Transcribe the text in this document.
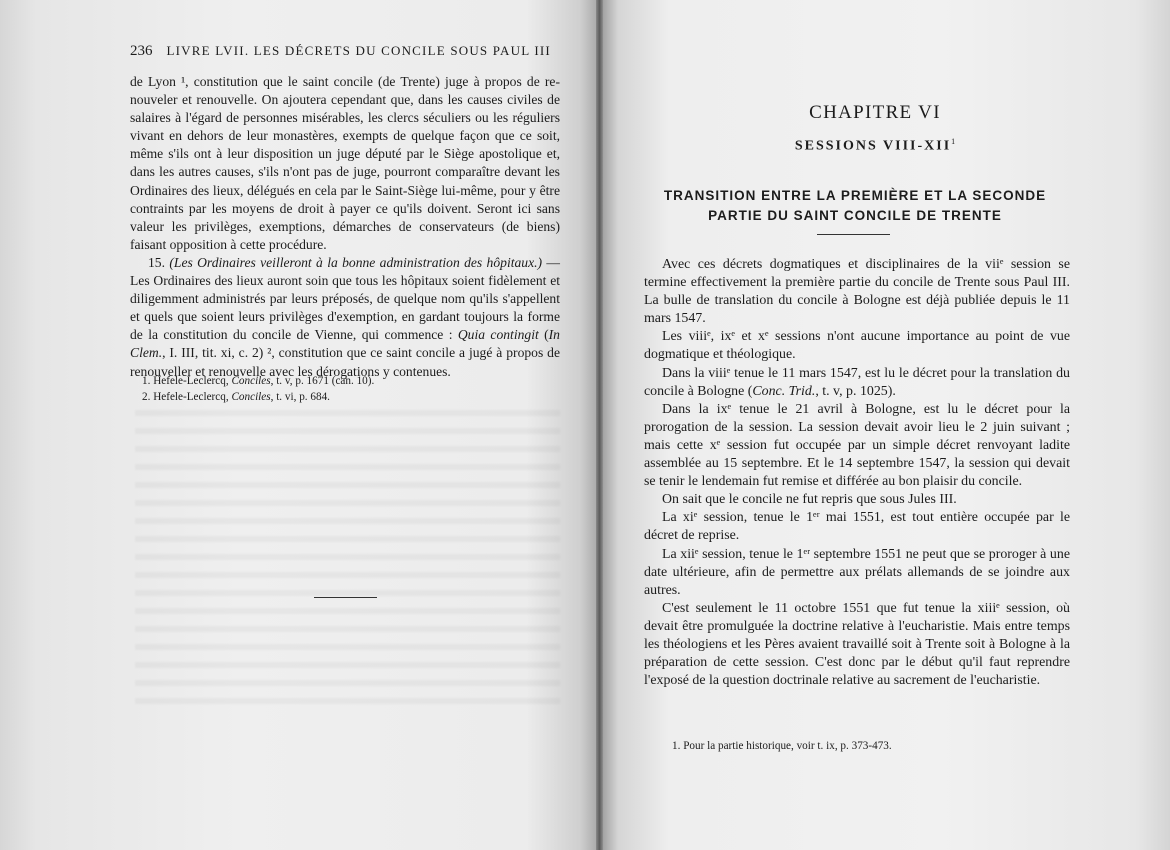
236 LIVRE LVII. LES DÉCRETS DU CONCILE SOUS PAUL III

de Lyon ¹, constitution que le saint concile (de Trente) juge à propos de re- nouveler et renouvelle. On ajoutera cependant que, dans les causes civiles de salaires à l'égard de personnes misérables, les clercs séculiers ou les réguliers vivant en dehors de leur monastères, exempts de quelque façon que ce soit, même s'ils ont à leur disposition un juge député par le Siège apostolique et, dans les autres causes, s'ils n'ont pas de juge, pourront comparaître devant les Ordinaires des lieux, délégués en cela par le Saint-Siège lui-même, pour y être contraints par les moyens de droit à payer ce qu'ils doivent. Seront ici sans valeur les privilèges, exemptions, démarches de conservateurs (de biens) faisant opposition à cette procédure.

15. (Les Ordinaires veilleront à la bonne administration des hôpitaux.) — Les Ordinaires des lieux auront soin que tous les hôpitaux soient fidèlement et diligemment administrés par leurs préposés, de quelque nom qu'ils s'appellent et quels que soient leurs privilèges d'exemption, en gardant toujours la forme de la constitution du concile de Vienne, qui commence : Quia contingit (In Clem., I. III, tit. xi, c. 2) ², constitution que ce saint concile a jugé à propos de renouveller et renouvelle avec les dérogations y contenues.

1. Hefele-Leclercq, Conciles, t. v, p. 1671 (can. 10).
2. Hefele-Leclercq, Conciles, t. vi, p. 684.
CHAPITRE VI
SESSIONS VIII-XII$^1$
TRANSITION ENTRE LA PREMIÈRE ET LA SECONDE
PARTIE DU SAINT CONCILE DE TRENTE

Avec ces décrets dogmatiques et disciplinaires de la viiᵉ session se termine effectivement la première partie du concile de Trente sous Paul III. La bulle de translation du concile à Bologne est déjà publiée depuis le 11 mars 1547.

Les viiiᵉ, ixᵉ et xᵉ sessions n'ont aucune importance au point de vue dogmatique et théologique.

Dans la viiiᵉ tenue le 11 mars 1547, est lu le décret pour la translation du concile à Bologne (Conc. Trid., t. v, p. 1025).

Dans la ixᵉ tenue le 21 avril à Bologne, est lu le décret pour la prorogation de la session. La session devait avoir lieu le 2 juin suivant ; mais cette xᵉ session fut occupée par un simple décret renvoyant ladite assemblée au 15 septembre. Et le 14 septembre 1547, la session qui devait se tenir le lendemain fut remise et différée au bon plaisir du concile.

On sait que le concile ne fut repris que sous Jules III.

La xiᵉ session, tenue le 1ᵉʳ mai 1551, est tout entière occupée par le décret de reprise.

La xiiᵉ session, tenue le 1ᵉʳ septembre 1551 ne peut que se proroger à une date ultérieure, afin de permettre aux prélats allemands de se joindre aux autres.

C'est seulement le 11 octobre 1551 que fut tenue la xiiiᵉ session, où devait être promulguée la doctrine relative à l'eucharistie. Mais entre temps les théologiens et les Pères avaient travaillé soit à Trente soit à Bologne à la préparation de cette session. C'est donc par le début qu'il faut reprendre l'exposé de la question doctrinale relative au sacrement de l'eucharistie.

1. Pour la partie historique, voir t. ix, p. 373-473.
